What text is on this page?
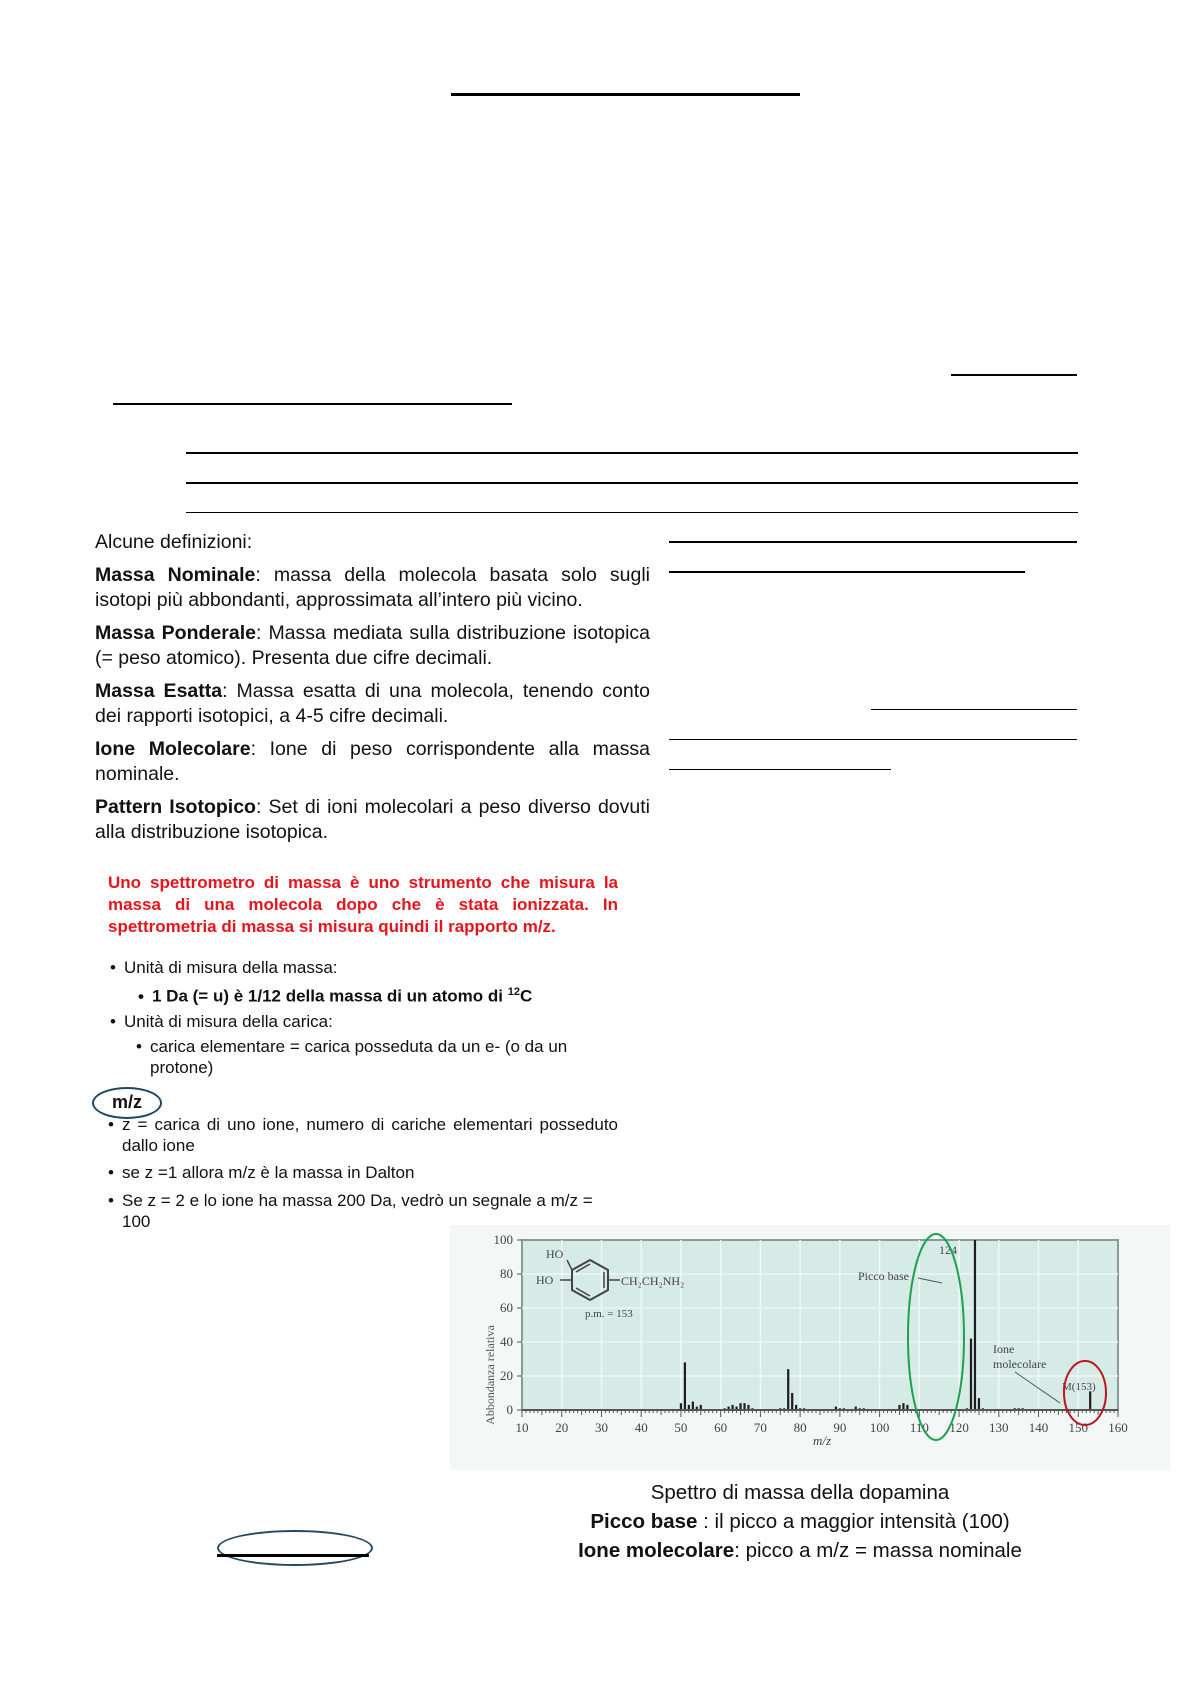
Alcune definizioni:

Massa Nominale: massa della molecola basata solo sugli isotopi più abbondanti, approssimata all’intero più vicino.

Massa Ponderale: Massa mediata sulla distribuzione isotopica (= peso atomico). Presenta due cifre decimali.

Massa Esatta: Massa esatta di una molecola, tenendo conto dei rapporti isotopici, a 4-5 cifre decimali.

Ione Molecolare: Ione di peso corrispondente alla massa nominale.

Pattern Isotopico: Set di ioni molecolari a peso diverso dovuti alla distribuzione isotopica.

Uno spettrometro di massa è uno strumento che misura la massa di una molecola dopo che è stata ionizzata. In spettrometria di massa si misura quindi il rapporto m/z.
• Unità di misura della massa:
• 1 Da (= u) è 1/12 della massa di un atomo di $^{12}$C
• Unità di misura della carica:
• carica elementare = carica posseduta da un e- (o da un protone)
m/z
• z = carica di uno ione, numero di cariche elementari posseduto dallo ione
• se z =1 allora m/z è la massa in Dalton
• Se z = 2 e lo ione ha massa 200 Da, vedrò un segnale a m/z = 100
10 20 30 40 50 60 70 80 90 100 110 120 130 140 150 160
0
20
40
60
80
100
HO
HO	CH₂CH₂NH₂
p.m. = 153
124
Picco base
Ione
molecolare
M(153)
Abbondanza relativa
m/z
Spettro di massa della dopamina
Picco base : il picco a maggior intensità (100)
Ione molecolare: picco a m/z = massa nominale
